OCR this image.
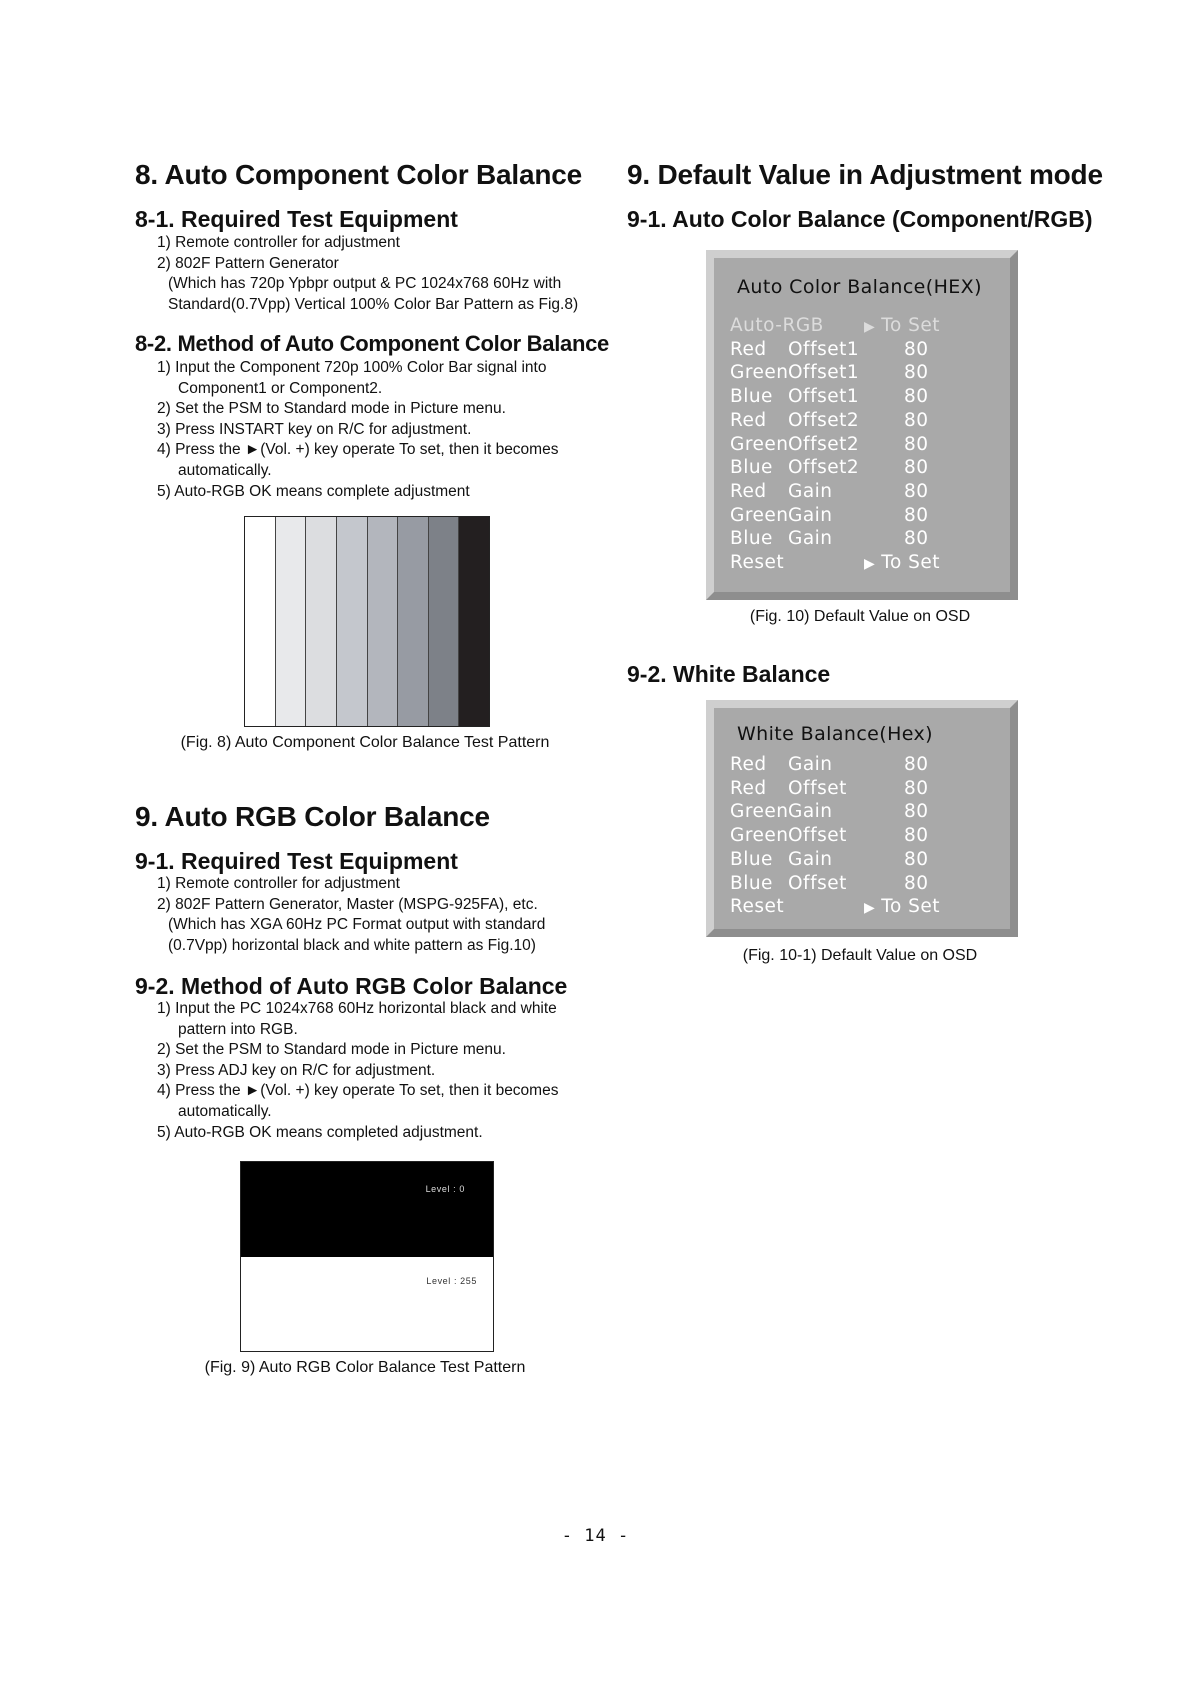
8. Auto Component Color Balance
8-1. Required Test Equipment
1) Remote controller for adjustment
2) 802F Pattern Generator
(Which has 720p Ypbpr output & PC 1024x768 60Hz with
Standard(0.7Vpp) Vertical 100% Color Bar Pattern as Fig.8)
8-2. Method of Auto Component Color Balance
1) Input the Component 720p 100% Color Bar signal into
Component1 or Component2.
2) Set the PSM to Standard mode in Picture menu.
3) Press INSTART key on R/C for adjustment.
4) Press the ►(Vol. +) key operate To set, then it becomes
automatically.
5) Auto-RGB OK means complete adjustment
(Fig. 8) Auto Component Color Balance Test Pattern
9. Auto RGB Color Balance
9-1. Required Test Equipment
1) Remote controller for adjustment
2) 802F Pattern Generator, Master (MSPG-925FA), etc.
(Which has XGA 60Hz PC Format output with standard
(0.7Vpp) horizontal black and white pattern as Fig.10)
9-2. Method of Auto RGB Color Balance
1) Input the PC 1024x768 60Hz horizontal black and white
pattern into RGB.
2) Set the PSM to Standard mode in Picture menu.
3) Press ADJ key on R/C for adjustment.
4) Press the ►(Vol. +) key operate To set, then it becomes
automatically.
5) Auto-RGB OK means completed adjustment.
Level : 0
Level : 255
(Fig. 9) Auto RGB Color Balance Test Pattern
9. Default Value in Adjustment mode
9-1. Auto Color Balance (Component/RGB)
Auto Color Balance(HEX)
Auto-RGB	▶ To Set
Red Offset1 80
Green Offset1 80
Blue Offset1 80
Red Offset2 80
Green Offset2 80
Blue Offset2 80
Red Gain	80
Green Gain	80
Blue Gain	80
Reset	▶ To Set
(Fig. 10) Default Value on OSD
9-2. White Balance
White Balance(Hex)
Red Gain	80
Red Offset	80
Green Gain	80
Green Offset	80
Blue Gain	80
Blue Offset	80
Reset	▶ To Set
(Fig. 10-1) Default Value on OSD
- 14 -
